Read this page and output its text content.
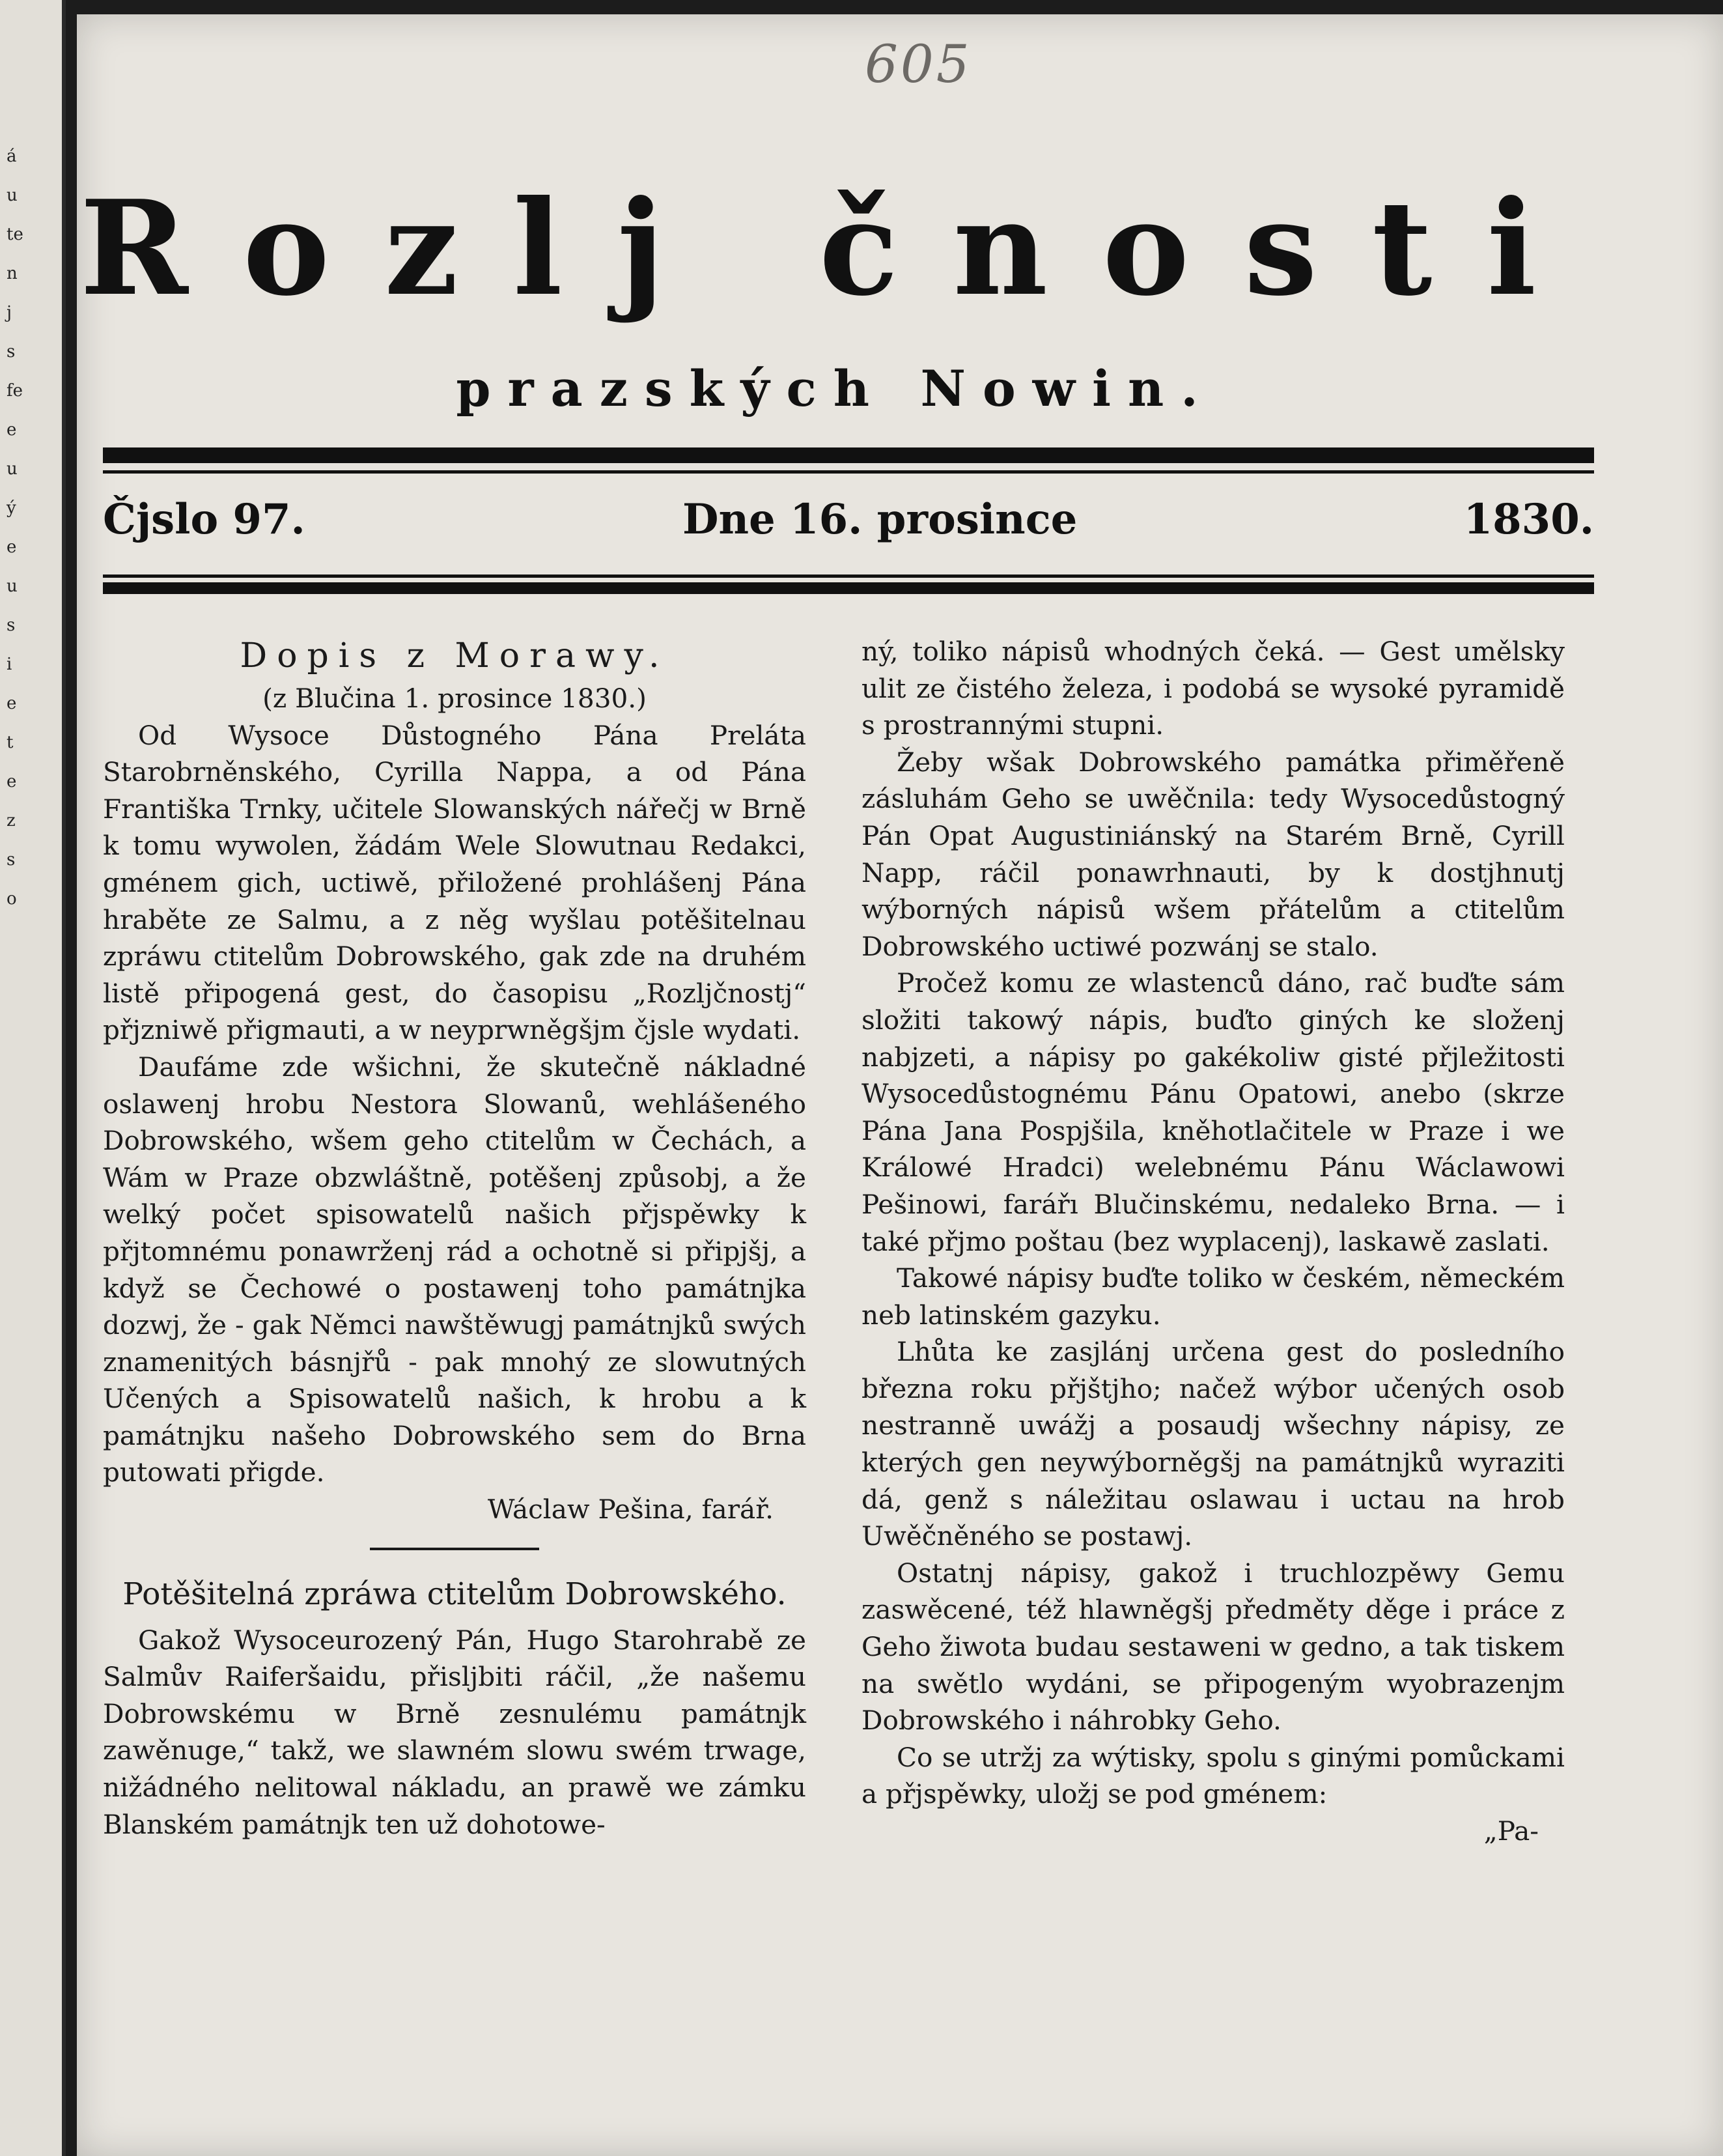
á
u
te
n
j
s
fe
e
u
ý
e
u
s
i
e
t
e
z
s
o
605
Rozlj čnosti
prazských Nowin.
Čjslo 97.	Dne 16. prosince	1830.

Dopis z Morawy.

(z Blučina 1. prosince 1830.)

Od Wysoce Důstogného Pána Preláta Starobrněnského, Cyrilla Nappa, a od Pána Františka Trnky, učitele Slowanských nářečj w Brně k tomu wywolen, žádám Wele Slowutnau Redakci, gménem gich, uctiwě, přiložené prohlášenj Pána hraběte ze Salmu, a z něg wyšlau potěšitelnau zpráwu ctitelům Dobrowského, gak zde na druhém listě připogená gest, do časopisu „Rozljčnostj“ přjzniwě přigmauti, a w neyprwněgšjm čjsle wydati.

Daufáme zde wšichni, že skutečně nákladné oslawenj hrobu Nestora Slowanů, wehlášeného Dobrowského, wšem geho ctitelům w Čechách, a Wám w Praze obzwláštně, potěšenj způsobj, a že welký počet spisowatelů našich přjspěwky k přjtomnému ponawrženj rád a ochotně si připjšj, a když se Čechowé o postawenj toho památnjka dozwj, že - gak Němci nawštěwugj památnjků swých znamenitých básnjřů - pak mnohý ze slowutných Učených a Spisowatelů našich, k hrobu a k památnjku našeho Dobrowského sem do Brna putowati přigde.

Wáclaw Pešina, farář.

Potěšitelná zpráwa ctitelům Dobrowského.

Gakož Wysoceurozený Pán, Hugo Starohrabě ze Salmův Raiferšaidu, přisljbiti ráčil, „že našemu Dobrowskému w Brně zesnulému památnjk zawěnuge,“ takž, we slawném slowu swém trwage, nižádného nelitowal nákladu, an prawě we zámku Blanském památnjk ten už dohotowe-

ný, toliko nápisů whodných čeká. — Gest umělsky ulit ze čistého železa, i podobá se wysoké pyramidě s prostrannými stupni.

Žeby wšak Dobrowského památka přiměřeně zásluhám Geho se uwěčnila: tedy Wysocedůstogný Pán Opat Augustiniánský na Starém Brně, Cyrill Napp, ráčil ponawrhnauti, by k dostjhnutj wýborných nápisů wšem přátelům a ctitelům Dobrowského uctiwé pozwánj se stalo.

Pročež komu ze wlastenců dáno, rač buďte sám složiti takowý nápis, buďto giných ke složenj nabjzeti, a nápisy po gakékoliw gisté přjležitosti Wysocedůstognému Pánu Opatowi, anebo (skrze Pána Jana Pospjšila, kněhotlačitele w Praze i we Králowé Hradci) welebnému Pánu Wáclawowi Pešinowi, farářı Blučinskému, nedaleko Brna. — i také přjmo poštau (bez wyplacenj), laskawě zaslati.

Takowé nápisy buďte toliko w českém, německém neb latinském gazyku.

Lhůta ke zasjlánj určena gest do posledního března roku přjštjho; načež wýbor učených osob nestranně uwážj a posaudj wšechny nápisy, ze kterých gen neywýborněgšj na památnjků wyraziti dá, genž s náležitau oslawau i uctau na hrob Uwěčněného se postawj.

Ostatnj nápisy, gakož i truchlozpěwy Gemu zaswěcené, též hlawněgšj předměty děge i práce z Geho žiwota budau sestaweni w gedno, a tak tiskem na swětlo wydáni, se připogeným wyobrazenjm Dobrowského i náhrobky Geho.

Co se utržj za wýtisky, spolu s ginými pomůckami a přjspěwky, uložj se pod gménem:

„Pa-
